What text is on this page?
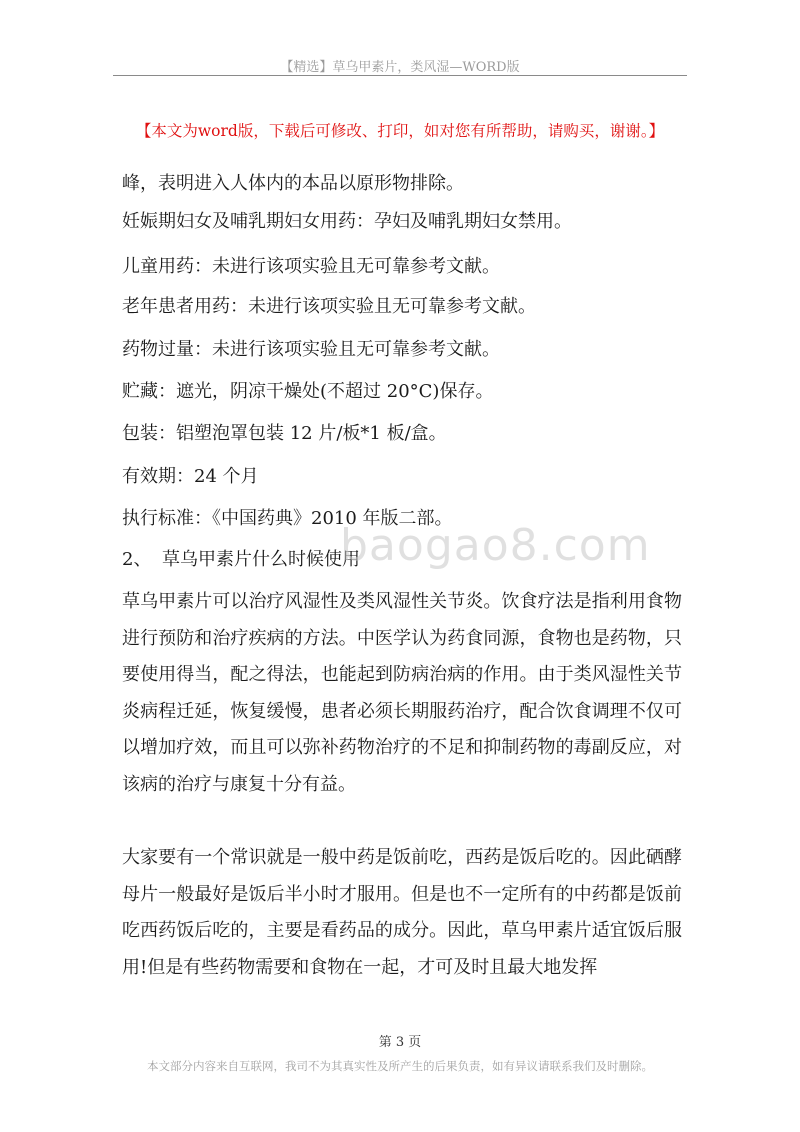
【精选】草乌甲素片，类风湿—WORD版
【本文为word版，下载后可修改、打印，如对您有所帮助，请购买，谢谢。】
峰，表明进入人体内的本品以原形物排除。
妊娠期妇女及哺乳期妇女用药：孕妇及哺乳期妇女禁用。
儿童用药：未进行该项实验且无可靠参考文献。
老年患者用药：未进行该项实验且无可靠参考文献。
药物过量：未进行该项实验且无可靠参考文献。
贮藏：遮光，阴凉干燥处(不超过 20°C)保存。
包装：铝塑泡罩包装 12 片/板*1 板/盒。
有效期：24 个月
执行标准：《中国药典》2010 年版二部。
2、 草乌甲素片什么时候使用
baogao8.com
草乌甲素片可以治疗风湿性及类风湿性关节炎。饮食疗法是指利用食物进行预防和治疗疾病的方法。中医学认为药食同源，食物也是药物，只要使用得当，配之得法，也能起到防病治病的作用。由于类风湿性关节炎病程迁延，恢复缓慢，患者必须长期服药治疗，配合饮食调理不仅可以增加疗效，而且可以弥补药物治疗的不足和抑制药物的毒副反应，对该病的治疗与康复十分有益。
大家要有一个常识就是一般中药是饭前吃，西药是饭后吃的。因此硒酵母片一般最好是饭后半小时才服用。但是也不一定所有的中药都是饭前吃西药饭后吃的，主要是看药品的成分。因此，草乌甲素片适宜饭后服用!但是有些药物需要和食物在一起，才可及时且最大地发挥
第 3 页
本文部分内容来自互联网，我司不为其真实性及所产生的后果负责，如有异议请联系我们及时删除。
